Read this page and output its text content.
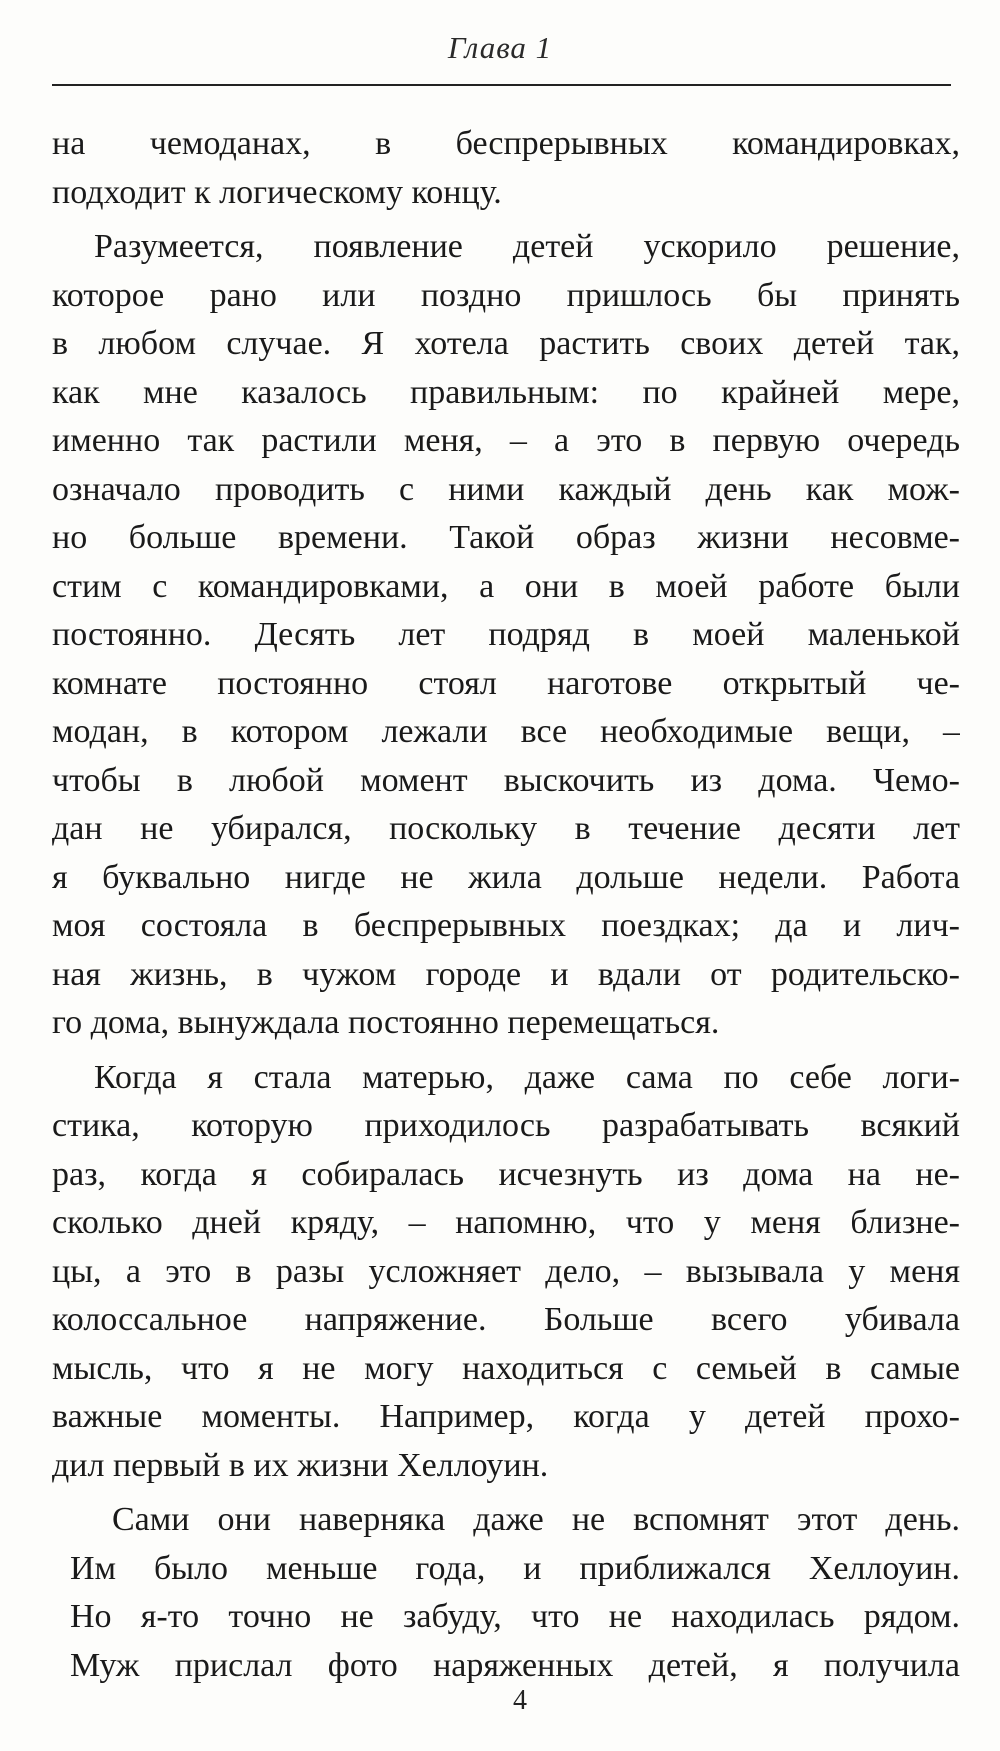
Глава 1
на чемоданах, в беспрерывных командировках,
подходит к логическому концу.
Разумеется, появление детей ускорило решение,
которое рано или поздно пришлось бы принять
в любом случае. Я хотела растить своих детей так,
как мне казалось правильным: по крайней мере,
именно так растили меня, – а это в первую очередь
означало проводить с ними каждый день как мож-
но больше времени. Такой образ жизни несовме-
стим с командировками, а они в моей работе были
постоянно. Десять лет подряд в моей маленькой
комнате постоянно стоял наготове открытый че-
модан, в котором лежали все необходимые вещи, –
чтобы в любой момент выскочить из дома. Чемо-
дан не убирался, поскольку в течение десяти лет
я буквально нигде не жила дольше недели. Работа
моя состояла в беспрерывных поездках; да и лич-
ная жизнь, в чужом городе и вдали от родительско-
го дома, вынуждала постоянно перемещаться.
Когда я стала матерью, даже сама по себе логи-
стика, которую приходилось разрабатывать всякий
раз, когда я собиралась исчезнуть из дома на не-
сколько дней кряду, – напомню, что у меня близне-
цы, а это в разы усложняет дело, – вызывала у меня
колоссальное напряжение. Больше всего убивала
мысль, что я не могу находиться с семьей в самые
важные моменты. Например, когда у детей прохо-
дил первый в их жизни Хеллоуин.
Сами они наверняка даже не вспомнят этот день.
Им было меньше года, и приближался Хеллоуин.
Но я-то точно не забуду, что не находилась рядом.
Муж прислал фото наряженных детей, я получила
4
